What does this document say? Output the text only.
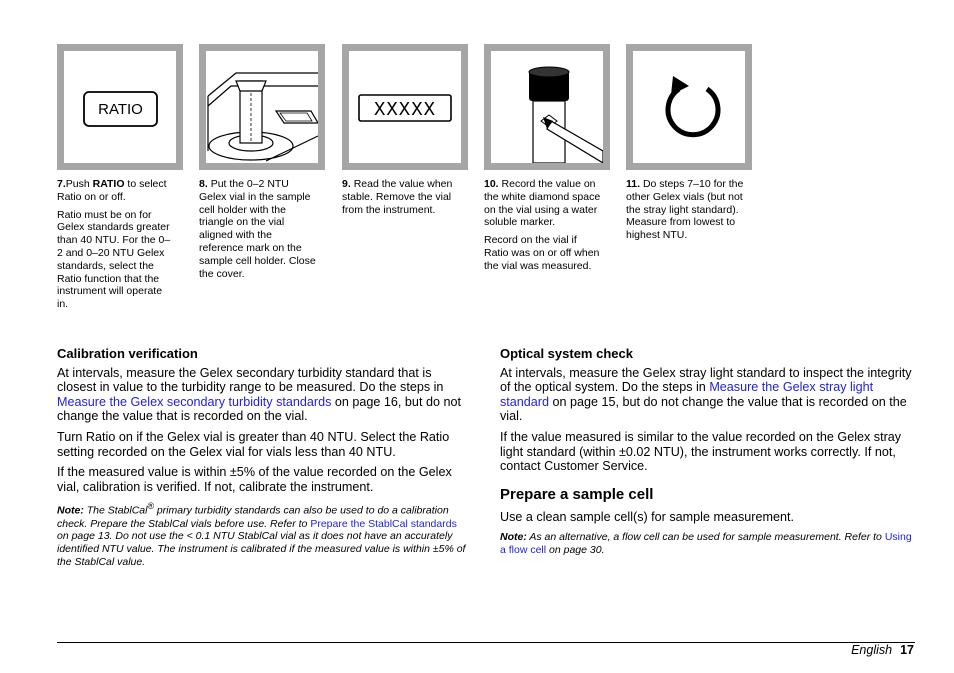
RATIO

7.Push RATIO to select Ratio on or off.

Ratio must be on for Gelex standards greater than 40 NTU. For the 0–2 and 0–20 NTU Gelex standards, select the Ratio function that the instrument will operate in.

8. Put the 0–2 NTU Gelex vial in the sample cell holder with the triangle on the vial aligned with the reference mark on the sample cell holder. Close the cover.

XXXXX

9. Read the value when stable. Remove the vial from the instrument.

10. Record the value on the white diamond space on the vial using a water soluble marker.

Record on the vial if Ratio was on or off when the vial was measured.

11. Do steps 7–10 for the other Gelex vials (but not the stray light standard). Measure from lowest to highest NTU.

Calibration verification

At intervals, measure the Gelex secondary turbidity standard that is closest in value to the turbidity range to be measured. Do the steps in Measure the Gelex secondary turbidity standards on page 16, but do not change the value that is recorded on the vial.

Turn Ratio on if the Gelex vial is greater than 40 NTU. Select the Ratio setting recorded on the Gelex vial for vials less than 40 NTU.

If the measured value is within ±5% of the value recorded on the Gelex vial, calibration is verified. If not, calibrate the instrument.

Note: The StablCal® primary turbidity standards can also be used to do a calibration check. Prepare the StablCal vials before use. Refer to Prepare the StablCal standards on page 13. Do not use the < 0.1 NTU StablCal vial as it does not have an accurately identified NTU value. The instrument is calibrated if the measured value is within ±5% of the StablCal value.

Optical system check

At intervals, measure the Gelex stray light standard to inspect the integrity of the optical system. Do the steps in Measure the Gelex stray light standard on page 15, but do not change the value that is recorded on the vial.

If the value measured is similar to the value recorded on the Gelex stray light standard (within ±0.02 NTU), the instrument works correctly. If not, contact Customer Service.

Prepare a sample cell

Use a clean sample cell(s) for sample measurement.

Note: As an alternative, a flow cell can be used for sample measurement. Refer to Using a flow cell on page 30.

English 17
